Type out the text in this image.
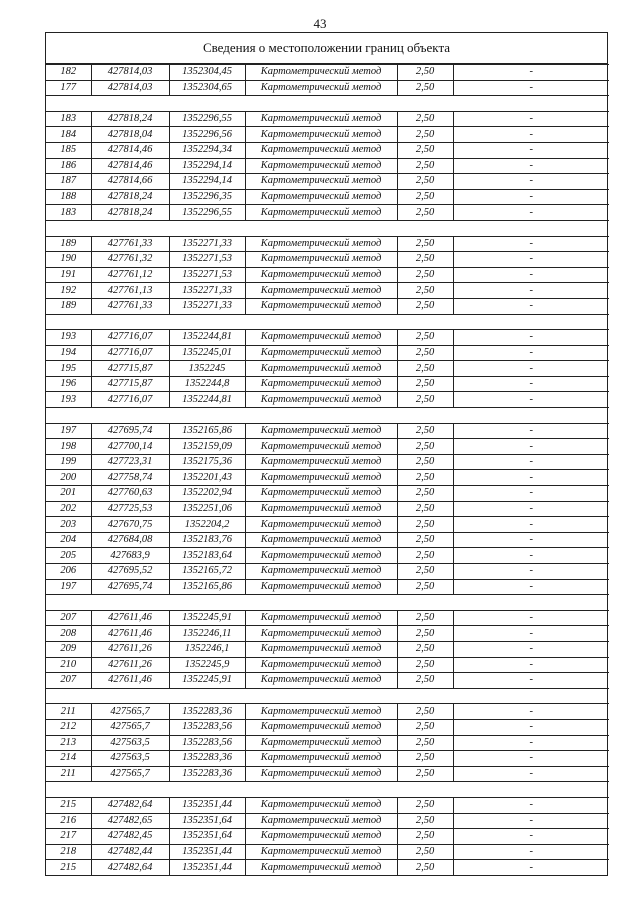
43
Сведения о местоположении границ объекта
182	427814,03	1352304,45	Картометрический метод	2,50	-
177	427814,03	1352304,65	Картометрический метод	2,50	-

183	427818,24	1352296,55	Картометрический метод	2,50	-
184	427818,04	1352296,56	Картометрический метод	2,50	-
185	427814,46	1352294,34	Картометрический метод	2,50	-
186	427814,46	1352294,14	Картометрический метод	2,50	-
187	427814,66	1352294,14	Картометрический метод	2,50	-
188	427818,24	1352296,35	Картометрический метод	2,50	-
183	427818,24	1352296,55	Картометрический метод	2,50	-

189	427761,33	1352271,33	Картометрический метод	2,50	-
190	427761,32	1352271,53	Картометрический метод	2,50	-
191	427761,12	1352271,53	Картометрический метод	2,50	-
192	427761,13	1352271,33	Картометрический метод	2,50	-
189	427761,33	1352271,33	Картометрический метод	2,50	-

193	427716,07	1352244,81	Картометрический метод	2,50	-
194	427716,07	1352245,01	Картометрический метод	2,50	-
195	427715,87	1352245	Картометрический метод	2,50	-
196	427715,87	1352244,8	Картометрический метод	2,50	-
193	427716,07	1352244,81	Картометрический метод	2,50	-

197	427695,74	1352165,86	Картометрический метод	2,50	-
198	427700,14	1352159,09	Картометрический метод	2,50	-
199	427723,31	1352175,36	Картометрический метод	2,50	-
200	427758,74	1352201,43	Картометрический метод	2,50	-
201	427760,63	1352202,94	Картометрический метод	2,50	-
202	427725,53	1352251,06	Картометрический метод	2,50	-
203	427670,75	1352204,2	Картометрический метод	2,50	-
204	427684,08	1352183,76	Картометрический метод	2,50	-
205	427683,9	1352183,64	Картометрический метод	2,50	-
206	427695,52	1352165,72	Картометрический метод	2,50	-
197	427695,74	1352165,86	Картометрический метод	2,50	-

207	427611,46	1352245,91	Картометрический метод	2,50	-
208	427611,46	1352246,11	Картометрический метод	2,50	-
209	427611,26	1352246,1	Картометрический метод	2,50	-
210	427611,26	1352245,9	Картометрический метод	2,50	-
207	427611,46	1352245,91	Картометрический метод	2,50	-

211	427565,7	1352283,36	Картометрический метод	2,50	-
212	427565,7	1352283,56	Картометрический метод	2,50	-
213	427563,5	1352283,56	Картометрический метод	2,50	-
214	427563,5	1352283,36	Картометрический метод	2,50	-
211	427565,7	1352283,36	Картометрический метод	2,50	-

215	427482,64	1352351,44	Картометрический метод	2,50	-
216	427482,65	1352351,64	Картометрический метод	2,50	-
217	427482,45	1352351,64	Картометрический метод	2,50	-
218	427482,44	1352351,44	Картометрический метод	2,50	-
215	427482,64	1352351,44	Картометрический метод	2,50	-
